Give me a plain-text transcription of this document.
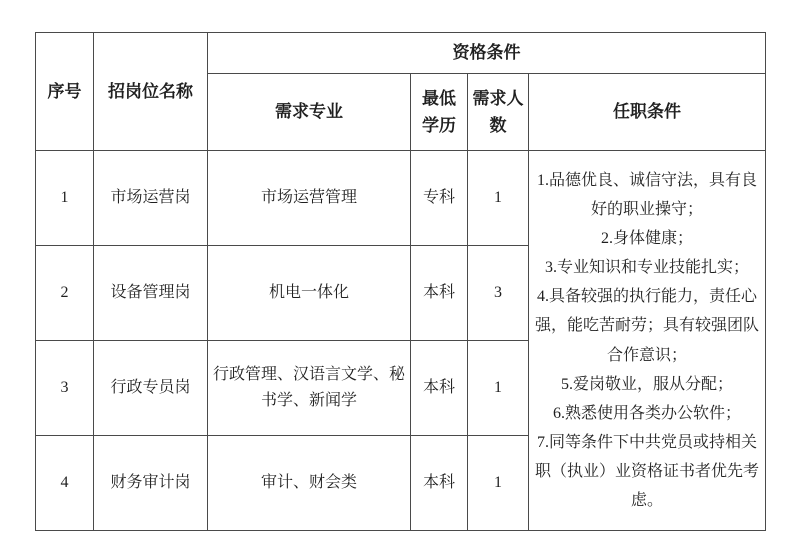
序号	招岗位名称	资格条件			
		需求专业	最低学历	需求人数	任职条件
1	市场运营岗	市场运营管理	专科	1	
1.品德优良、诚信守法，具有良好的职业操守；
2.身体健康；
3.专业知识和专业技能扎实；
4.具备较强的执行能力，责任心强，能吃苦耐劳；具有较强团队合作意识；
5.爱岗敬业，服从分配；
6.熟悉使用各类办公软件；
7.同等条件下中共党员或持相关职（执业）业资格证书者优先考虑。

2	设备管理岗	机电一体化	本科	3	
3	行政专员岗	行政管理、汉语言文学、秘书学、新闻学	本科	1	
4	财务审计岗	审计、财会类	本科	1	
